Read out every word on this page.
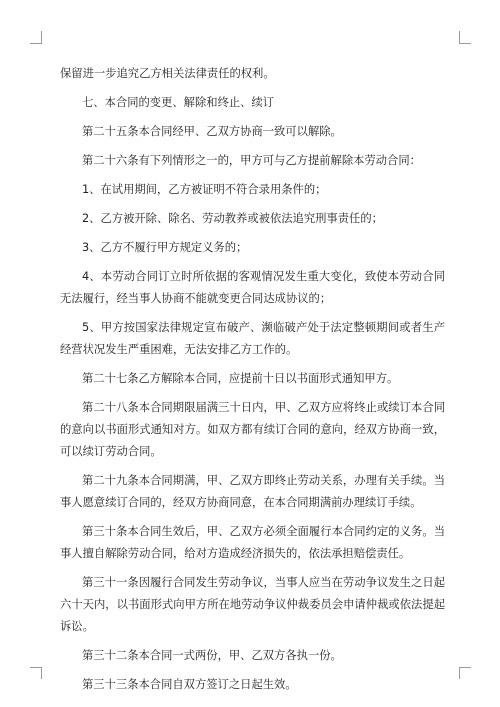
保留进一步追究乙方相关法律责任的权利。

七、本合同的变更、解除和终止、续订

第二十五条本合同经甲、乙双方协商一致可以解除。

第二十六条有下列情形之一的，甲方可与乙方提前解除本劳动合同：

1、在试用期间，乙方被证明不符合录用条件的；

2、乙方被开除、除名、劳动教养或被依法追究刑事责任的；

3、乙方不履行甲方规定义务的；

4、本劳动合同订立时所依据的客观情况发生重大变化，致使本劳动合同无法履行，经当事人协商不能就变更合同达成协议的；

5、甲方按国家法律规定宣布破产、濒临破产处于法定整顿期间或者生产经营状况发生严重困难，无法安排乙方工作的。

第二十七条乙方解除本合同，应提前十日以书面形式通知甲方。

第二十八条本合同期限届满三十日内，甲、乙双方应将终止或续订本合同的意向以书面形式通知对方。如双方都有续订合同的意向，经双方协商一致，可以续订劳动合同。

第二十九条本合同期满，甲、乙双方即终止劳动关系，办理有关手续。当事人愿意续订合同的，经双方协商同意，在本合同期满前办理续订手续。

第三十条本合同生效后，甲、乙双方必须全面履行本合同约定的义务。当事人擅自解除劳动合同，给对方造成经济损失的，依法承担赔偿责任。

第三十一条因履行合同发生劳动争议，当事人应当在劳动争议发生之日起六十天内，以书面形式向甲方所在地劳动争议仲裁委员会申请仲裁或依法提起诉讼。

第三十二条本合同一式两份，甲、乙双方各执一份。

第三十三条本合同自双方签订之日起生效。
